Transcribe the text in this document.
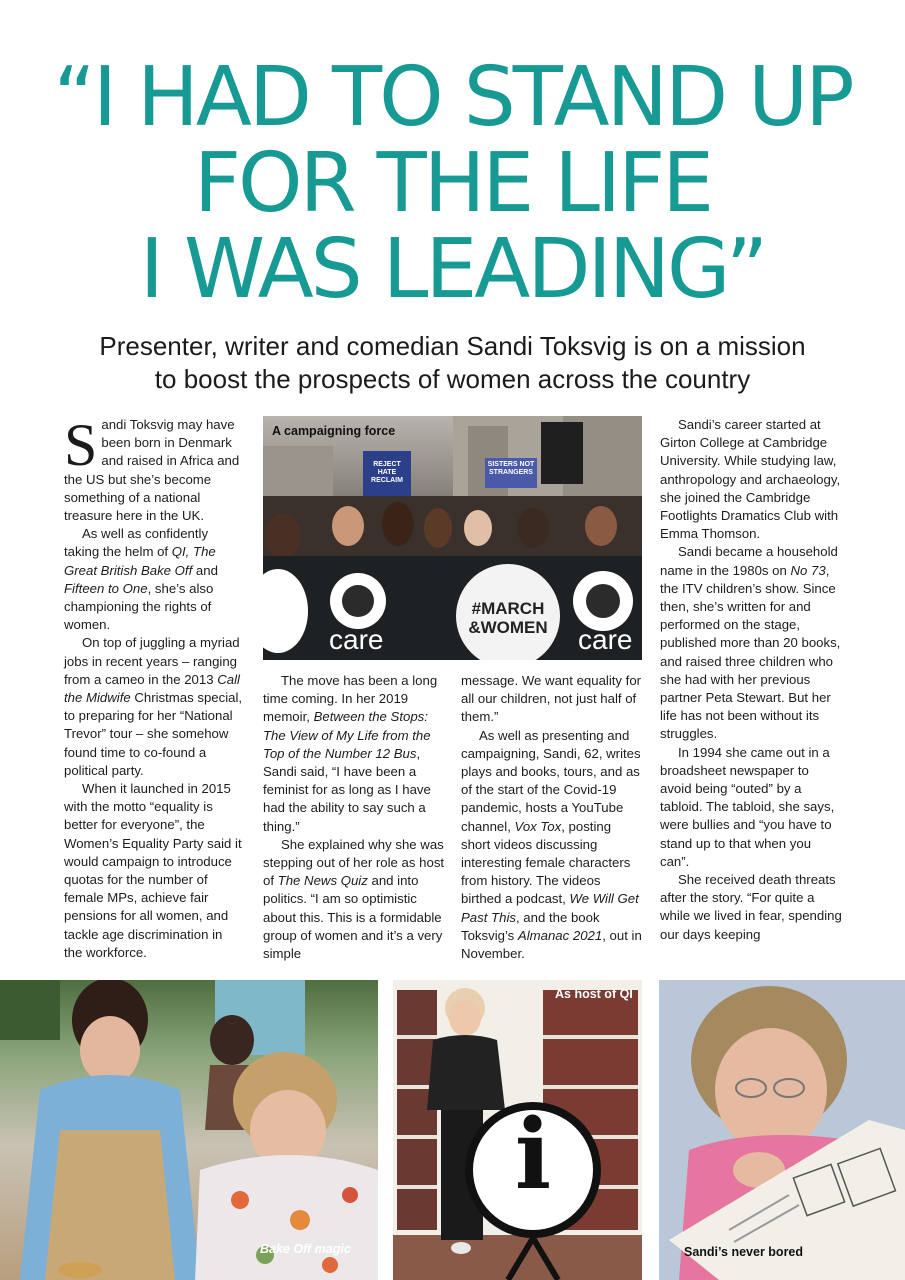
“I HAD TO STAND UP
FOR THE LIFE
I WAS LEADING”
Presenter, writer and comedian Sandi Toksvig is on a mission
to boost the prospects of women across the country

Sandi Toksvig may have been born in Denmark and raised in Africa and the US but she’s become something of a national treasure here in the UK.

As well as confidently taking the helm of QI, The Great British Bake Off and Fifteen to One, she’s also championing the rights of women.

On top of juggling a myriad jobs in recent years – ranging from a cameo in the 2013 Call the Midwife Christmas special, to preparing for her “National Trevor” tour – she somehow found time to co-found a political party.

When it launched in 2015 with the motto “equality is better for everyone”, the Women’s Equality Party said it would campaign to introduce quotas for the number of female MPs, achieve fair pensions for all women, and tackle age discrimination in the workforce.

#MARCH &WOMEN
care	care
REJECT HATE RECLAIM
SISTERS NOT STRANGERS
A campaigning force

The move has been a long time coming. In her 2019 memoir, Between the Stops: The View of My Life from the Top of the Number 12 Bus, Sandi said, “I have been a feminist for as long as I have had the ability to say such a thing.”

She explained why she was stepping out of her role as host of The News Quiz and into politics. “I am so optimistic about this. This is a formidable group of women and it’s a very simple

message. We want equality for all our children, not just half of them.”

As well as presenting and campaigning, Sandi, 62, writes plays and books, tours, and as of the start of the Covid-19 pandemic, hosts a YouTube channel, Vox Tox, posting short videos discussing interesting female characters from history. The videos birthed a podcast, We Will Get Past This, and the book Toksvig’s Almanac 2021, out in November.

Sandi’s career started at Girton College at Cambridge University. While studying law, anthropology and archaeology, she joined the Cambridge Footlights Dramatics Club with Emma Thomson.

Sandi became a household name in the 1980s on No 73, the ITV children’s show. Since then, she’s written for and performed on the stage, published more than 20 books, and raised three children who she had with her previous partner Peta Stewart. But her life has not been without its struggles.

In 1994 she came out in a broadsheet newspaper to avoid being “outed” by a tabloid. The tabloid, she says, were bullies and “you have to stand up to that when you can”.

She received death threats after the story. “For quite a while we lived in fear, spending our days keeping

Bake Off magic
i
As host of QI
Sandi’s never bored
